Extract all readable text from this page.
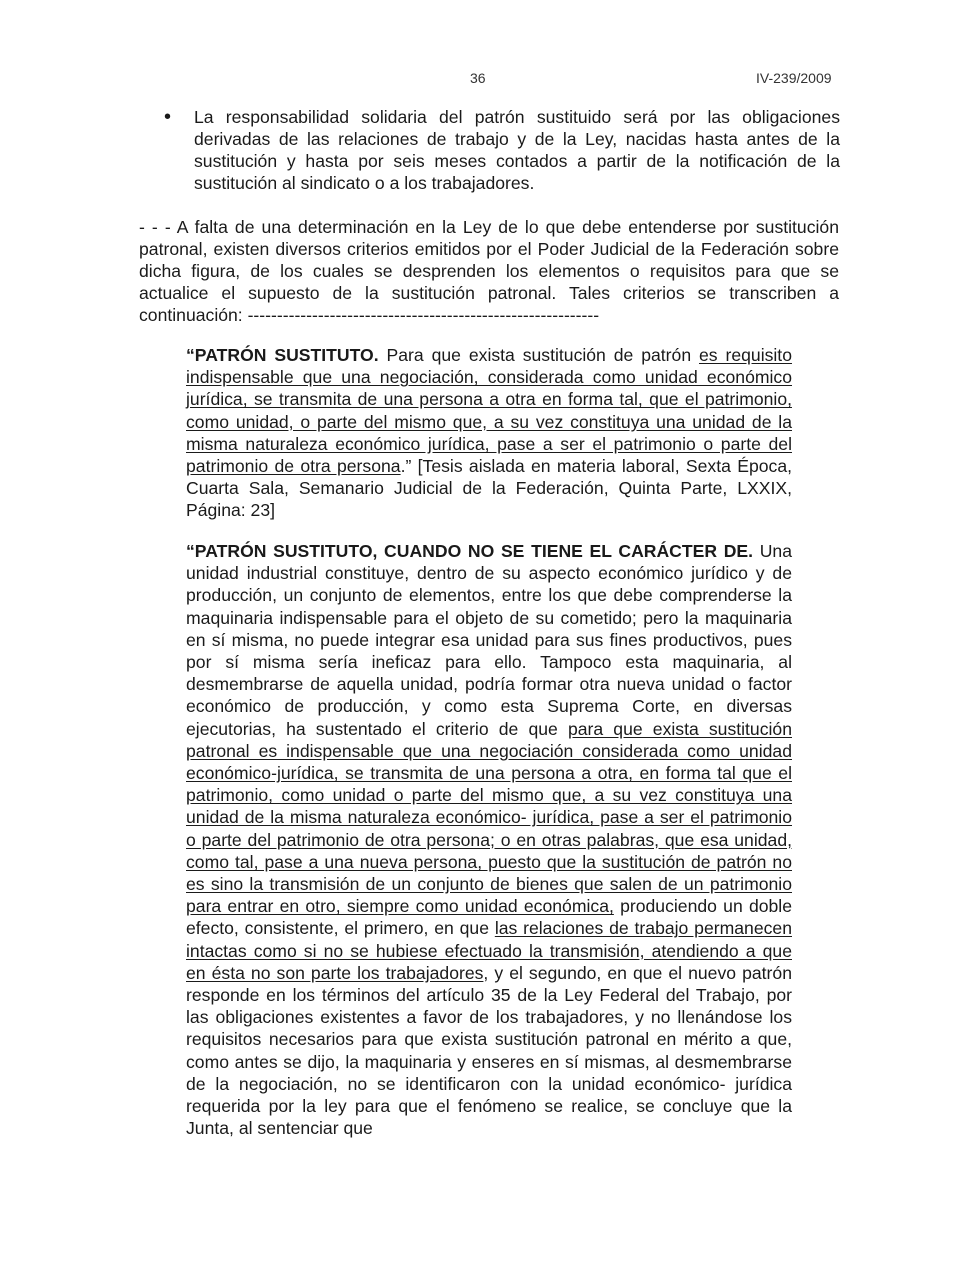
36	IV-239/2009
•	La responsabilidad solidaria del patrón sustituido será por las obligaciones derivadas de las relaciones de trabajo y de la Ley, nacidas hasta antes de la sustitución y hasta por seis meses contados a partir de la notificación de la sustitución al sindicato o a los trabajadores.
- - - A falta de una determinación en la Ley de lo que debe entenderse por sustitución patronal, existen diversos criterios emitidos por el Poder Judicial de la Federación sobre dicha figura, de los cuales se desprenden los elementos o requisitos para que se actualice el supuesto de la sustitución patronal. Tales criterios se transcriben a continuación: ------------------------------------------------------------
“PATRÓN SUSTITUTO. Para que exista sustitución de patrón es requisito indispensable que una negociación, considerada como unidad económico jurídica, se transmita de una persona a otra en forma tal, que el patrimonio, como unidad, o parte del mismo que, a su vez constituya una unidad de la misma naturaleza económico jurídica, pase a ser el patrimonio o parte del patrimonio de otra persona.” [Tesis aislada en materia laboral, Sexta Época, Cuarta Sala, Semanario Judicial de la Federación, Quinta Parte, LXXIX, Página: 23]
“PATRÓN SUSTITUTO, CUANDO NO SE TIENE EL CARÁCTER DE. Una unidad industrial constituye, dentro de su aspecto económico jurídico y de producción, un conjunto de elementos, entre los que debe comprenderse la maquinaria indispensable para el objeto de su cometido; pero la maquinaria en sí misma, no puede integrar esa unidad para sus fines productivos, pues por sí misma sería ineficaz para ello. Tampoco esta maquinaria, al desmembrarse de aquella unidad, podría formar otra nueva unidad o factor económico de producción, y como esta Suprema Corte, en diversas ejecutorias, ha sustentado el criterio de que para que exista sustitución patronal es indispensable que una negociación considerada como unidad económico-jurídica, se transmita de una persona a otra, en forma tal que el patrimonio, como unidad o parte del mismo que, a su vez constituya una unidad de la misma naturaleza económico- jurídica, pase a ser el patrimonio o parte del patrimonio de otra persona; o en otras palabras, que esa unidad, como tal, pase a una nueva persona, puesto que la sustitución de patrón no es sino la transmisión de un conjunto de bienes que salen de un patrimonio para entrar en otro, siempre como unidad económica, produciendo un doble efecto, consistente, el primero, en que las relaciones de trabajo permanecen intactas como si no se hubiese efectuado la transmisión, atendiendo a que en ésta no son parte los trabajadores, y el segundo, en que el nuevo patrón responde en los términos del artículo 35 de la Ley Federal del Trabajo, por las obligaciones existentes a favor de los trabajadores, y no llenándose los requisitos necesarios para que exista sustitución patronal en mérito a que, como antes se dijo, la maquinaria y enseres en sí mismas, al desmembrarse de la negociación, no se identificaron con la unidad económico- jurídica requerida por la ley para que el fenómeno se realice, se concluye que la Junta, al sentenciar que
